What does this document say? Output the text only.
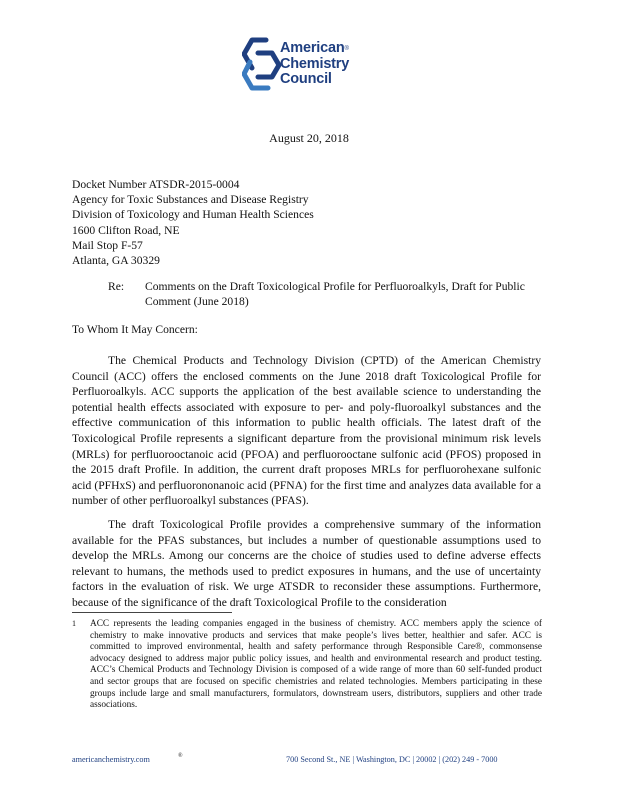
American®
Chemistry
Council
August 20, 2018
Docket Number ATSDR-2015-0004
Agency for Toxic Substances and Disease Registry
Division of Toxicology and Human Health Sciences
1600 Clifton Road, NE
Mail Stop F-57
Atlanta, GA 30329
Re: Comments on the Draft Toxicological Profile for Perfluoroalkyls, Draft for Public Comment (June 2018)
To Whom It May Concern:

The Chemical Products and Technology Division (CPTD) of the American Chemistry Council (ACC) offers the enclosed comments on the June 2018 draft Toxicological Profile for Perfluoroalkyls. ACC supports the application of the best available science to understanding the potential health effects associated with exposure to per- and poly-fluoroalkyl substances and the effective communication of this information to public health officials. The latest draft of the Toxicological Profile represents a significant departure from the provisional minimum risk levels (MRLs) for perfluorooctanoic acid (PFOA) and perfluorooctane sulfonic acid (PFOS) proposed in the 2015 draft Profile. In addition, the current draft proposes MRLs for perfluorohexane sulfonic acid (PFHxS) and perfluorononanoic acid (PFNA) for the first time and analyzes data available for a number of other perfluoroalkyl substances (PFAS).

The draft Toxicological Profile provides a comprehensive summary of the information available for the PFAS substances, but includes a number of questionable assumptions used to develop the MRLs. Among our concerns are the choice of studies used to define adverse effects relevant to humans, the methods used to predict exposures in humans, and the use of uncertainty factors in the evaluation of risk. We urge ATSDR to reconsider these assumptions. Furthermore, because of the significance of the draft Toxicological Profile to the consideration

1 ACC represents the leading companies engaged in the business of chemistry. ACC members apply the science of chemistry to make innovative products and services that make people’s lives better, healthier and safer. ACC is committed to improved environmental, health and safety performance through Responsible Care®, commonsense advocacy designed to address major public policy issues, and health and environmental research and product testing. ACC’s Chemical Products and Technology Division is composed of a wide range of more than 60 self-funded product and sector groups that are focused on specific chemistries and related technologies. Members participating in these groups include large and small manufacturers, formulators, downstream users, distributors, suppliers and other trade associations.

americanchemistry.com	®	700 Second St., NE | Washington, DC | 20002 | (202) 249 - 7000
